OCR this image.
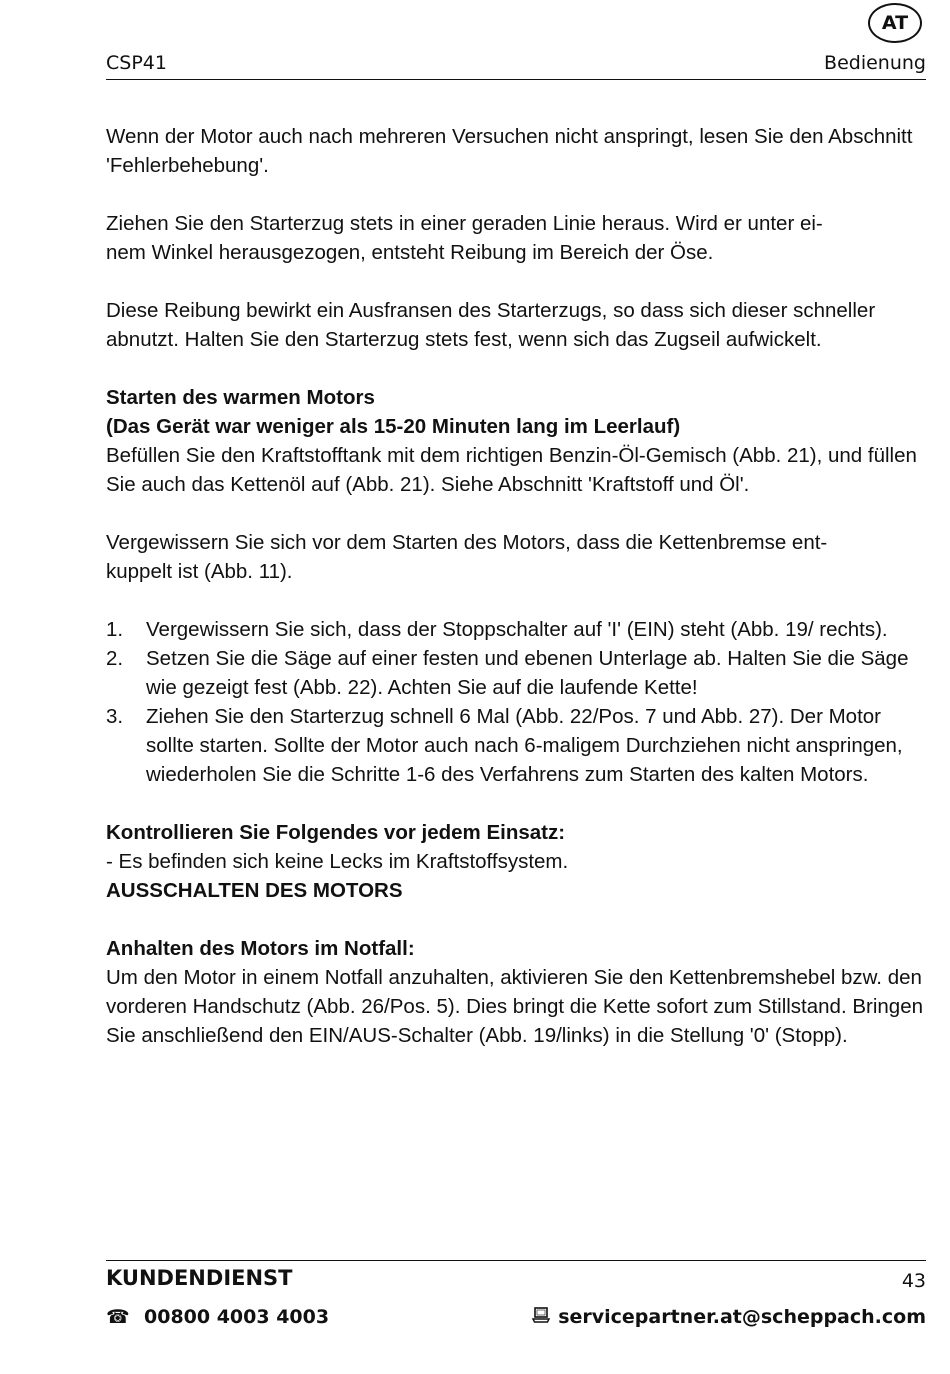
AT
CSP41	Bedienung

Wenn der Motor auch nach mehreren Versuchen nicht anspringt, lesen Sie den Abschnitt 'Fehlerbehebung'.

Ziehen Sie den Starterzug stets in einer geraden Linie heraus. Wird er unter ei-
nem Winkel herausgezogen, entsteht Reibung im Bereich der Öse.

Diese Reibung bewirkt ein Ausfransen des Starterzugs, so dass sich dieser schneller abnutzt. Halten Sie den Starterzug stets fest, wenn sich das Zugseil aufwickelt.

Starten des warmen Motors

(Das Gerät war weniger als 15-20 Minuten lang im Leerlauf)

Befüllen Sie den Kraftstofftank mit dem richtigen Benzin-Öl-Gemisch (Abb. 21), und füllen Sie auch das Kettenöl auf (Abb. 21). Siehe Abschnitt 'Kraftstoff und Öl'.

Vergewissern Sie sich vor dem Starten des Motors, dass die Kettenbremse ent-
kuppelt ist (Abb. 11).

1. Vergewissern Sie sich, dass der Stoppschalter auf 'I' (EIN) steht (Abb. 19/ rechts).
2. Setzen Sie die Säge auf einer festen und ebenen Unterlage ab. Halten Sie die Säge wie gezeigt fest (Abb. 22). Achten Sie auf die laufende Kette!
3. Ziehen Sie den Starterzug schnell 6 Mal (Abb. 22/Pos. 7 und Abb. 27). Der Motor sollte starten. Sollte der Motor auch nach 6-maligem Durchziehen nicht anspringen, wiederholen Sie die Schritte 1-6 des Verfahrens zum Starten des kalten Motors.

Kontrollieren Sie Folgendes vor jedem Einsatz:

- Es befinden sich keine Lecks im Kraftstoffsystem.

AUSSCHALTEN DES MOTORS

Anhalten des Motors im Notfall:

Um den Motor in einem Notfall anzuhalten, aktivieren Sie den Kettenbremshebel bzw. den vorderen Handschutz (Abb. 26/Pos. 5). Dies bringt die Kette sofort zum Stillstand. Bringen Sie anschließend den EIN/AUS-Schalter (Abb. 19/links) in die Stellung '0' (Stopp).

KUNDENDIENST	43
☎ 00800 4003 4003	servicepartner.at@scheppach.com
